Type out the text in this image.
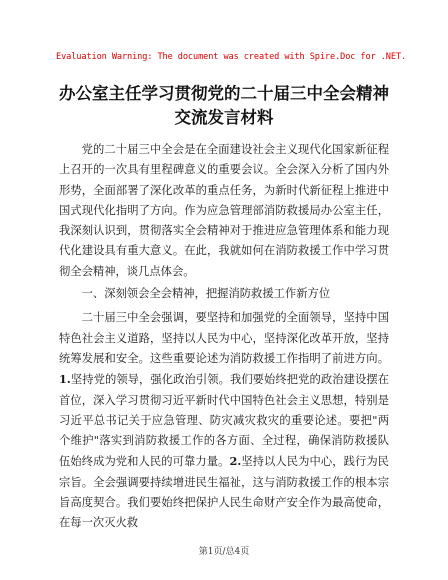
Evaluation Warning: The document was created with Spire.Doc for .NET.
办公室主任学习贯彻党的二十届三中全会精神
交流发言材料

党的二十届三中全会是在全面建设社会主义现代化国家新征程上召开的一次具有里程碑意义的重要会议。全会深入分析了国内外形势，全面部署了深化改革的重点任务，为新时代新征程上推进中国式现代化指明了方向。作为应急管理部消防救援局办公室主任，我深刻认识到，贯彻落实全会精神对于推进应急管理体系和能力现代化建设具有重大意义。在此，我就如何在消防救援工作中学习贯彻全会精神，谈几点体会。

一、深刻领会全会精神，把握消防救援工作新方位

二十届三中全会强调，要坚持和加强党的全面领导，坚持中国特色社会主义道路，坚持以人民为中心，坚持深化改革开放，坚持统筹发展和安全。这些重要论述为消防救援工作指明了前进方向。1.坚持党的领导，强化政治引领。我们要始终把党的政治建设摆在首位，深入学习贯彻习近平新时代中国特色社会主义思想，特别是习近平总书记关于应急管理、防灾减灾救灾的重要论述。要把"两个维护"落实到消防救援工作的各方面、全过程，确保消防救援队伍始终成为党和人民的可靠力量。2.坚持以人民为中心，践行为民宗旨。全会强调要持续增进民生福祉，这与消防救援工作的根本宗旨高度契合。我们要始终把保护人民生命财产安全作为最高使命，在每一次灭火救

第1页/总4页
